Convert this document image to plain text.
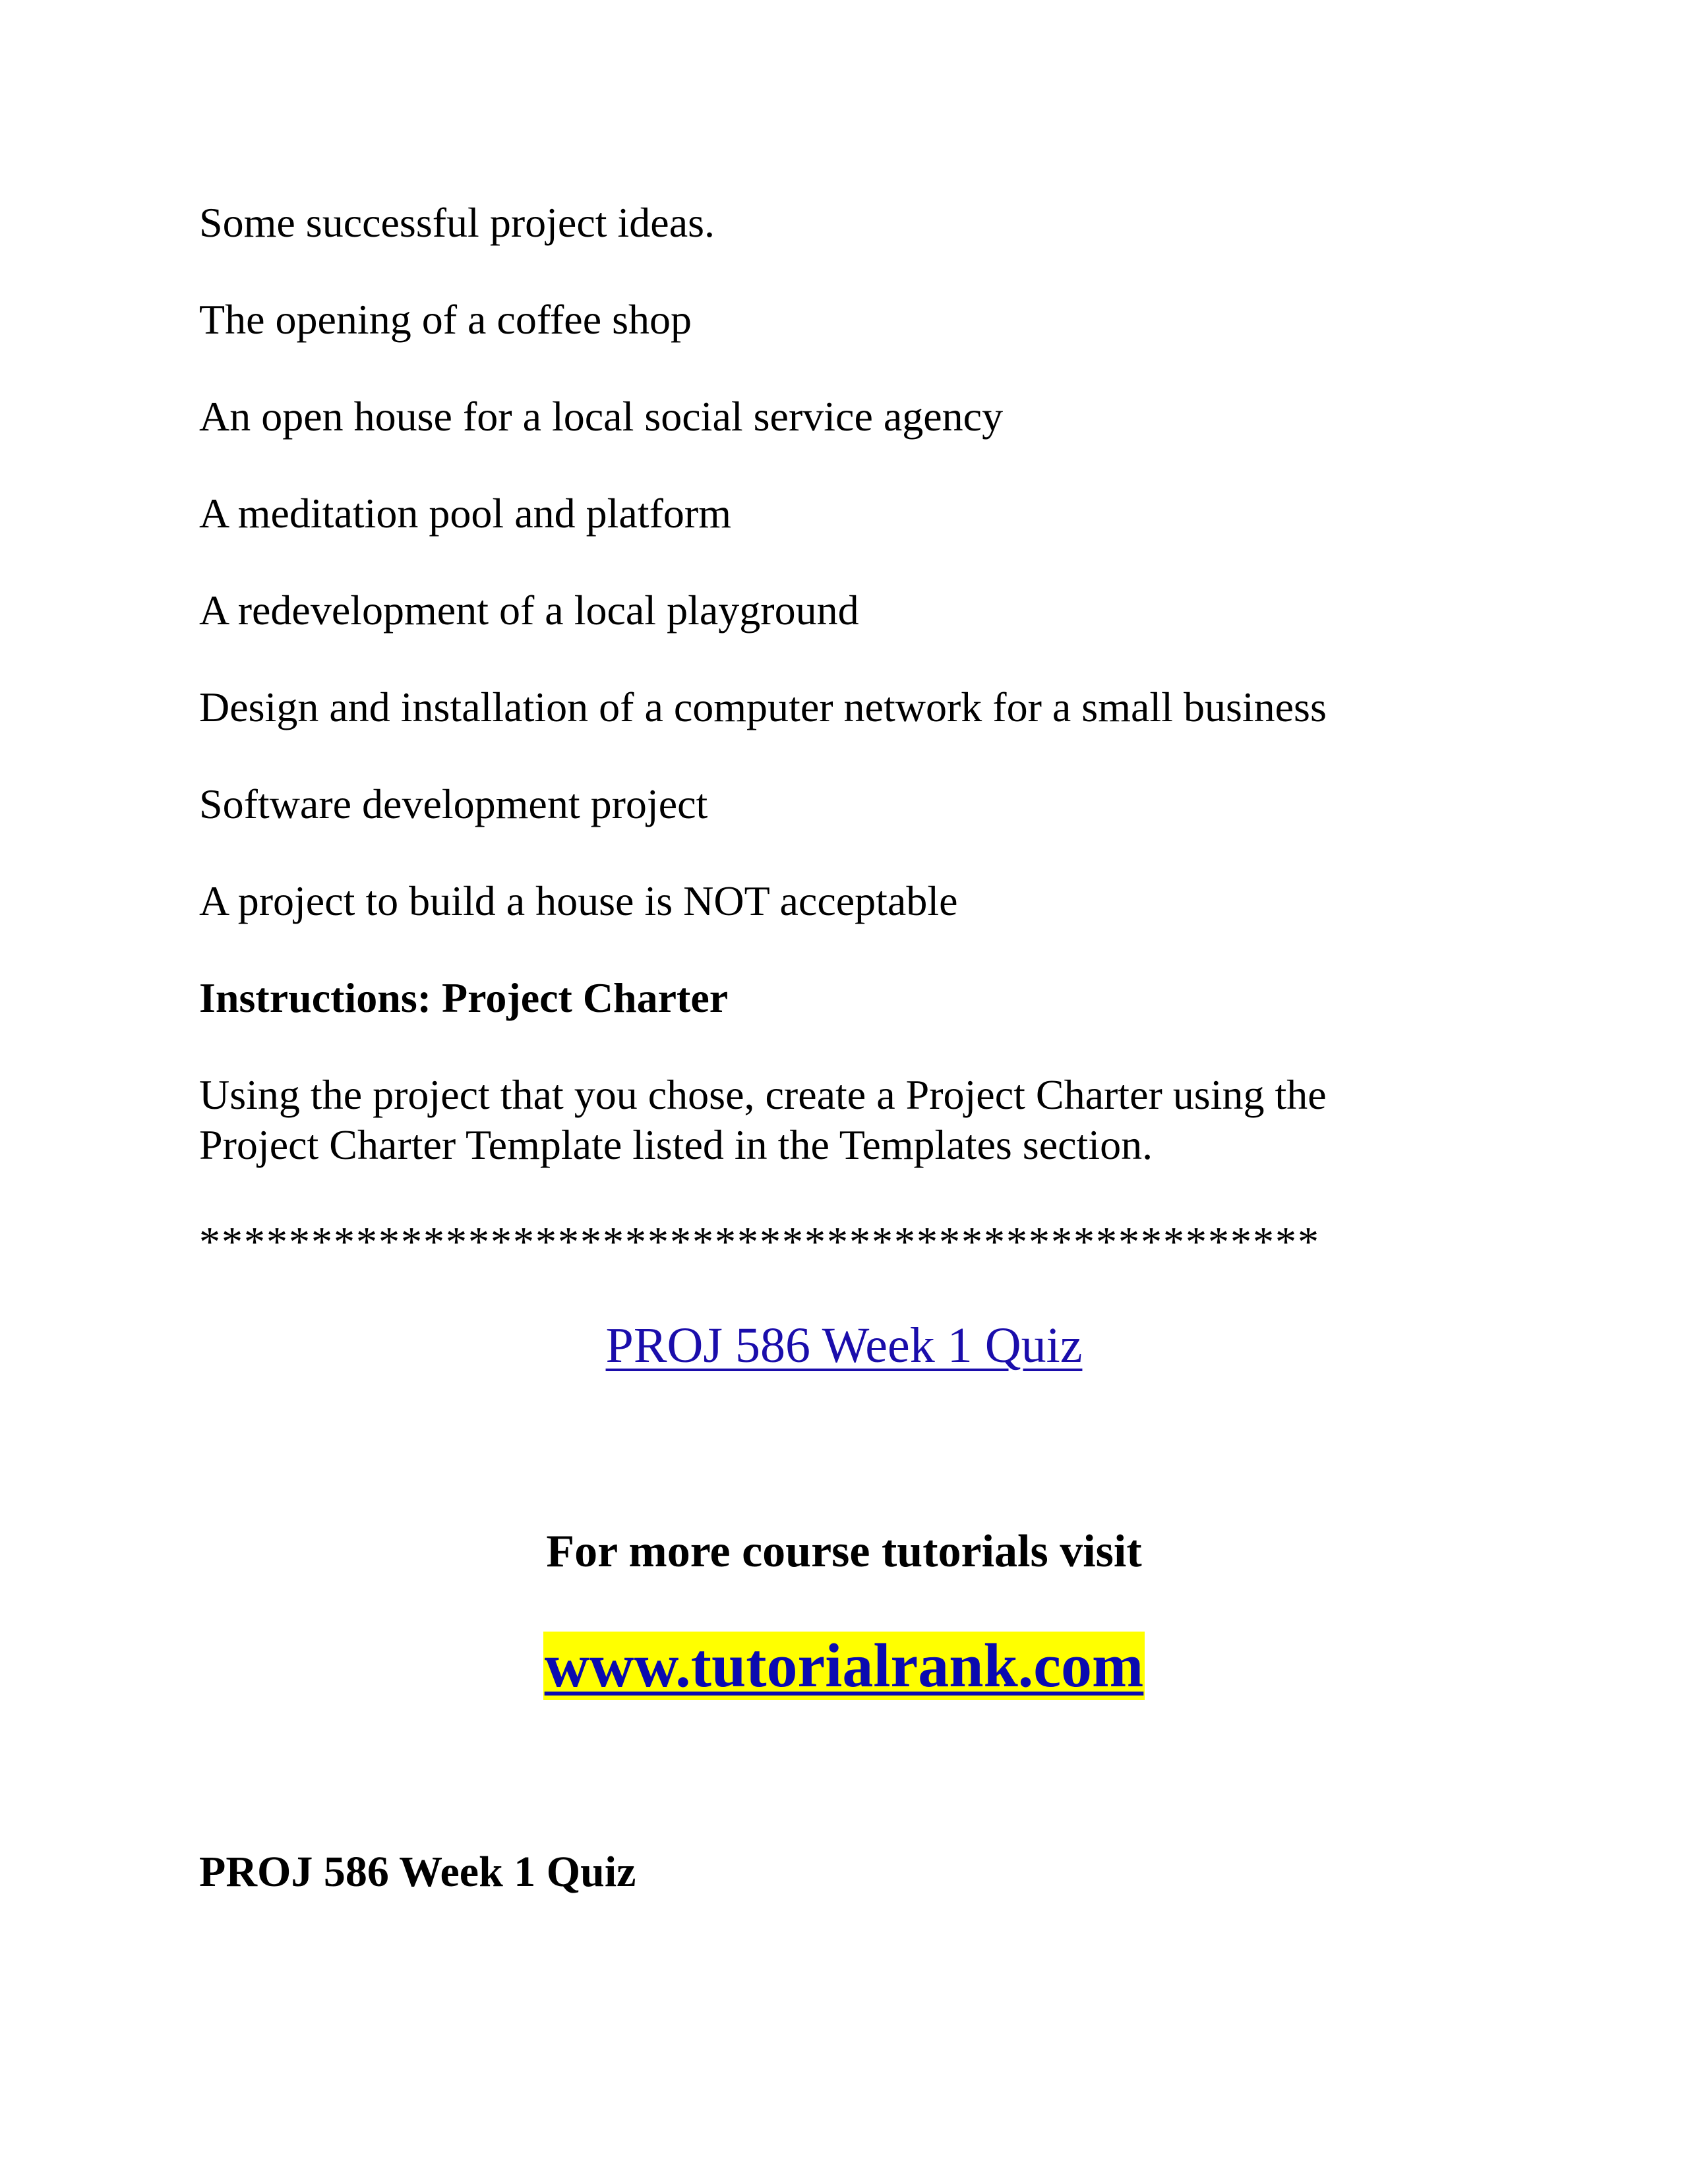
Some successful project ideas.
The opening of a coffee shop
An open house for a local social service agency
A meditation pool and platform
A redevelopment of a local playground
Design and installation of a computer network for a small business
Software development project
A project to build a house is NOT acceptable
Instructions: Project Charter
Using the project that you chose, create a Project Charter using the
Project Charter Template listed in the Templates section.
**************************************************
PROJ 586 Week 1 Quiz
For more course tutorials visit
www.tutorialrank.com
PROJ 586 Week 1 Quiz
